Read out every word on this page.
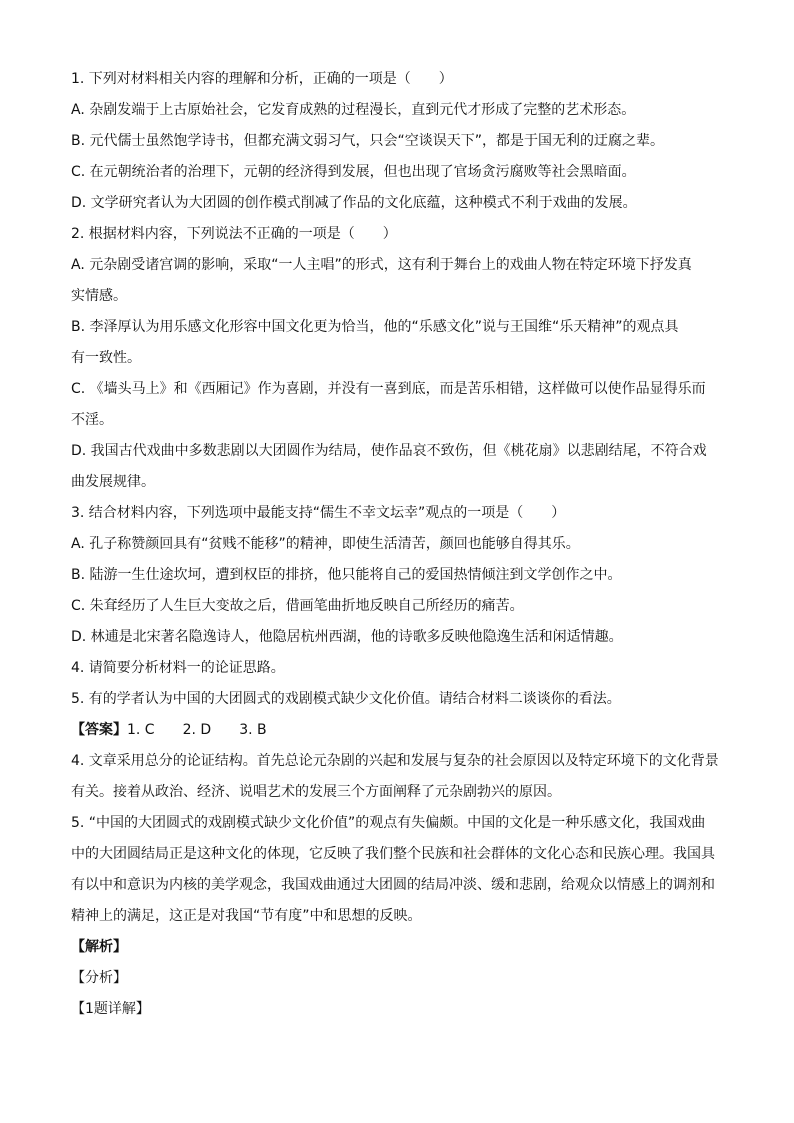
1. 下列对材料相关内容的理解和分析，正确的一项是（　　）

A. 杂剧发端于上古原始社会，它发育成熟的过程漫长，直到元代才形成了完整的艺术形态。

B. 元代儒士虽然饱学诗书，但都充满文弱习气，只会“空谈误天下”，都是于国无利的迂腐之辈。

C. 在元朝统治者的治理下，元朝的经济得到发展，但也出现了官场贪污腐败等社会黑暗面。

D. 文学研究者认为大团圆的创作模式削减了作品的文化底蕴，这种模式不利于戏曲的发展。

2. 根据材料内容，下列说法不正确的一项是（　　）

A. 元杂剧受诸宫调的影响，采取“一人主唱”的形式，这有利于舞台上的戏曲人物在特定环境下抒发真
实情感。
B. 李泽厚认为用乐感文化形容中国文化更为恰当，他的“乐感文化”说与王国维“乐天精神”的观点具
有一致性。
C. 《墙头马上》和《西厢记》作为喜剧，并没有一喜到底，而是苦乐相错，这样做可以使作品显得乐而
不淫。
D. 我国古代戏曲中多数悲剧以大团圆作为结局，使作品哀不致伤，但《桃花扇》以悲剧结尾，不符合戏
曲发展规律。

3. 结合材料内容，下列选项中最能支持“儒生不幸文坛幸”观点的一项是（　　）

A. 孔子称赞颜回具有“贫贱不能移”的精神，即使生活清苦，颜回也能够自得其乐。

B. 陆游一生仕途坎坷，遭到权臣的排挤，他只能将自己的爱国热情倾注到文学创作之中。

C. 朱耷经历了人生巨大变故之后，借画笔曲折地反映自己所经历的痛苦。

D. 林逋是北宋著名隐逸诗人，他隐居杭州西湖，他的诗歌多反映他隐逸生活和闲适情趣。

4. 请简要分析材料一的论证思路。

5. 有的学者认为中国的大团圆式的戏剧模式缺少文化价值。请结合材料二谈谈你的看法。

【答案】1. C 2. D 3. B
4. 文章采用总分的论证结构。首先总论元杂剧的兴起和发展与复杂的社会原因以及特定环境下的文化背景
有关。接着从政治、经济、说唱艺术的发展三个方面阐释了元杂剧勃兴的原因。
5. “中国的大团圆式的戏剧模式缺少文化价值”的观点有失偏颇。中国的文化是一种乐感文化，我国戏曲
中的大团圆结局正是这种文化的体现，它反映了我们整个民族和社会群体的文化心态和民族心理。我国具
有以中和意识为内核的美学观念，我国戏曲通过大团圆的结局冲淡、缓和悲剧，给观众以情感上的调剂和
精神上的满足，这正是对我国“节有度”中和思想的反映。

【解析】

【分析】

【1题详解】
